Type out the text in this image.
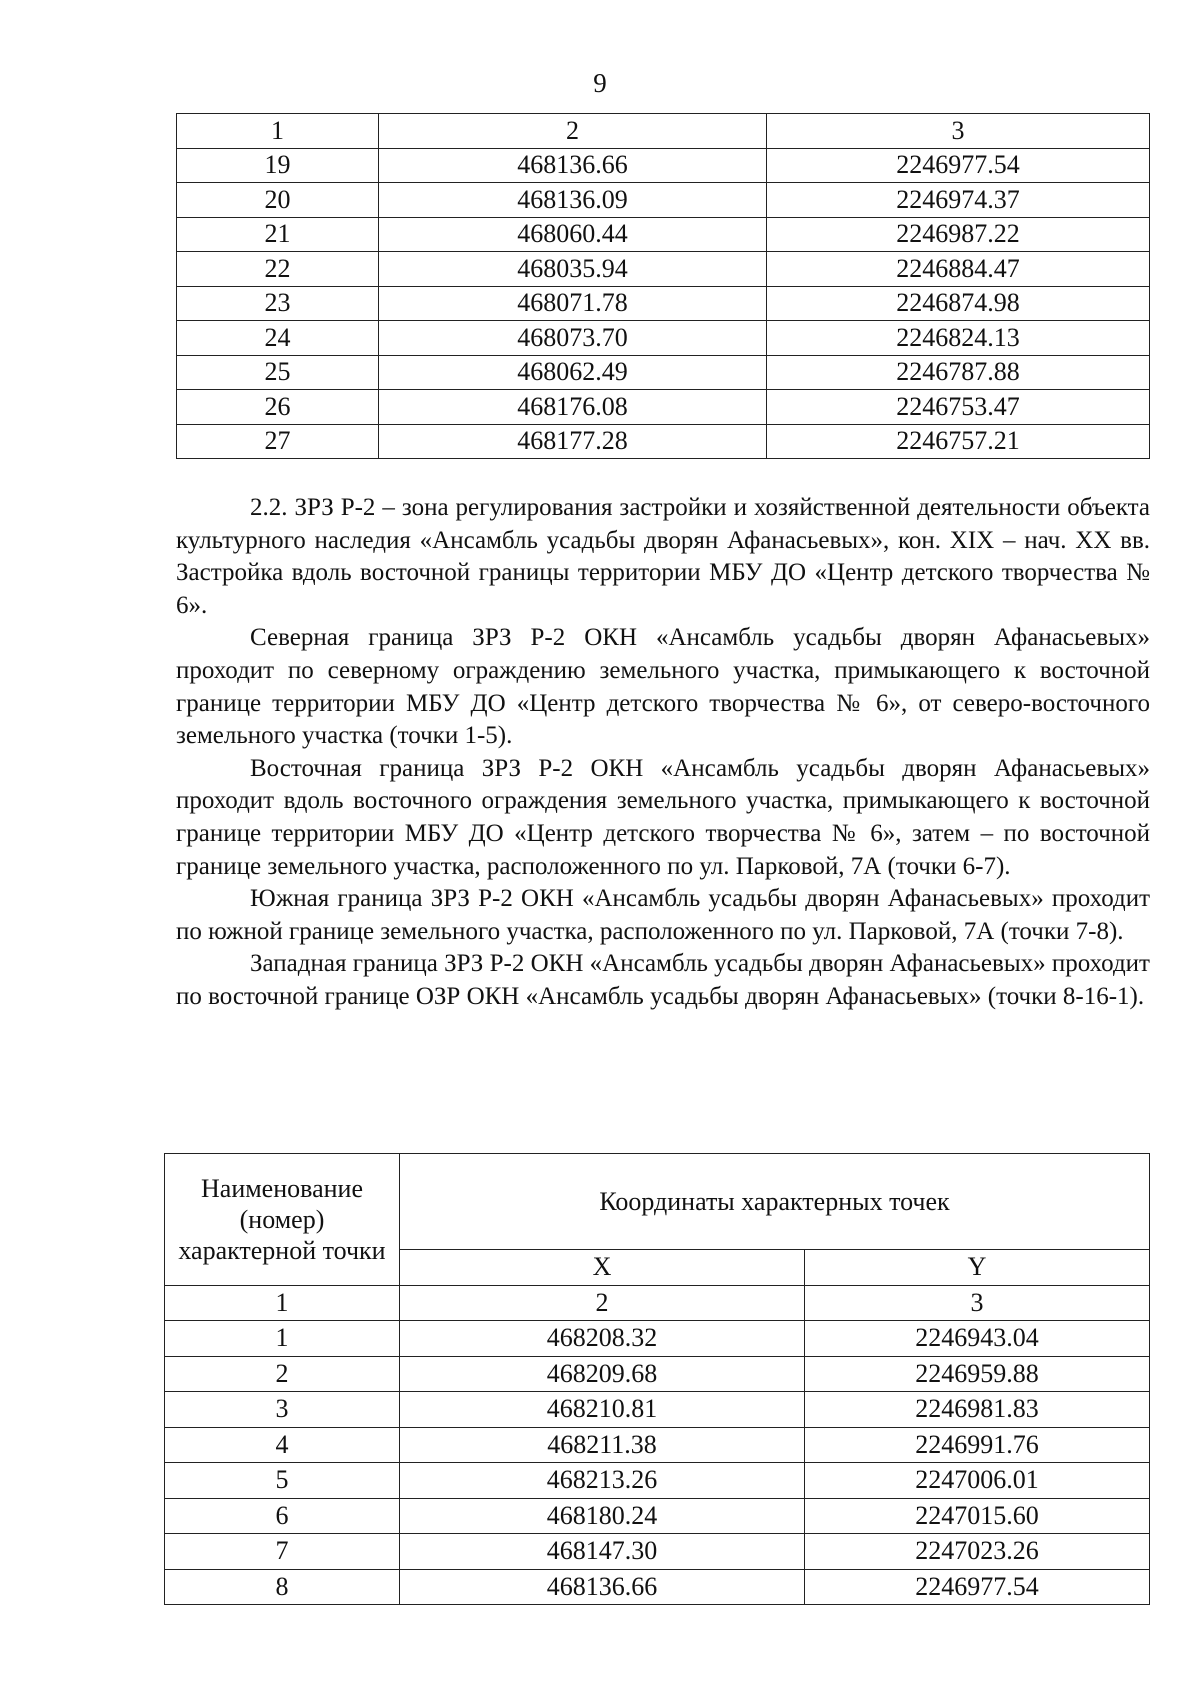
9
1	2	3
19	468136.66	2246977.54
20	468136.09	2246974.37
21	468060.44	2246987.22
22	468035.94	2246884.47
23	468071.78	2246874.98
24	468073.70	2246824.13
25	468062.49	2246787.88
26	468176.08	2246753.47
27	468177.28	2246757.21

2.2. ЗРЗ Р-2 – зона регулирования застройки и хозяйственной деятельности объекта культурного наследия «Ансамбль усадьбы дворян Афанасьевых», кон. XIX – нач. XX вв. Застройка вдоль восточной границы территории МБУ ДО «Центр детского творчества № 6».

Северная граница ЗРЗ Р-2 ОКН «Ансамбль усадьбы дворян Афанасьевых» проходит по северному ограждению земельного участка, примыкающего к восточной границе территории МБУ ДО «Центр детского творчества № 6», от северо-восточного земельного участка (точки 1-5).

Восточная граница ЗРЗ Р-2 ОКН «Ансамбль усадьбы дворян Афанасьевых» проходит вдоль восточного ограждения земельного участка, примыкающего к восточной границе территории МБУ ДО «Центр детского творчества № 6», затем – по восточной границе земельного участка, расположенного по ул. Парковой, 7А (точки 6-7).

Южная граница ЗРЗ Р-2 ОКН «Ансамбль усадьбы дворян Афанасьевых» проходит по южной границе земельного участка, расположенного по ул. Парковой, 7А (точки 7-8).

Западная граница ЗРЗ Р-2 ОКН «Ансамбль усадьбы дворян Афанасьевых» проходит по восточной границе ОЗР ОКН «Ансамбль усадьбы дворян Афанасьевых» (точки 8-16-1).

Наименование (номер) характерной точки	Координаты характерных точек	
	X	Y
1	2	3
1	468208.32	2246943.04
2	468209.68	2246959.88
3	468210.81	2246981.83
4	468211.38	2246991.76
5	468213.26	2247006.01
6	468180.24	2247015.60
7	468147.30	2247023.26
8	468136.66	2246977.54
